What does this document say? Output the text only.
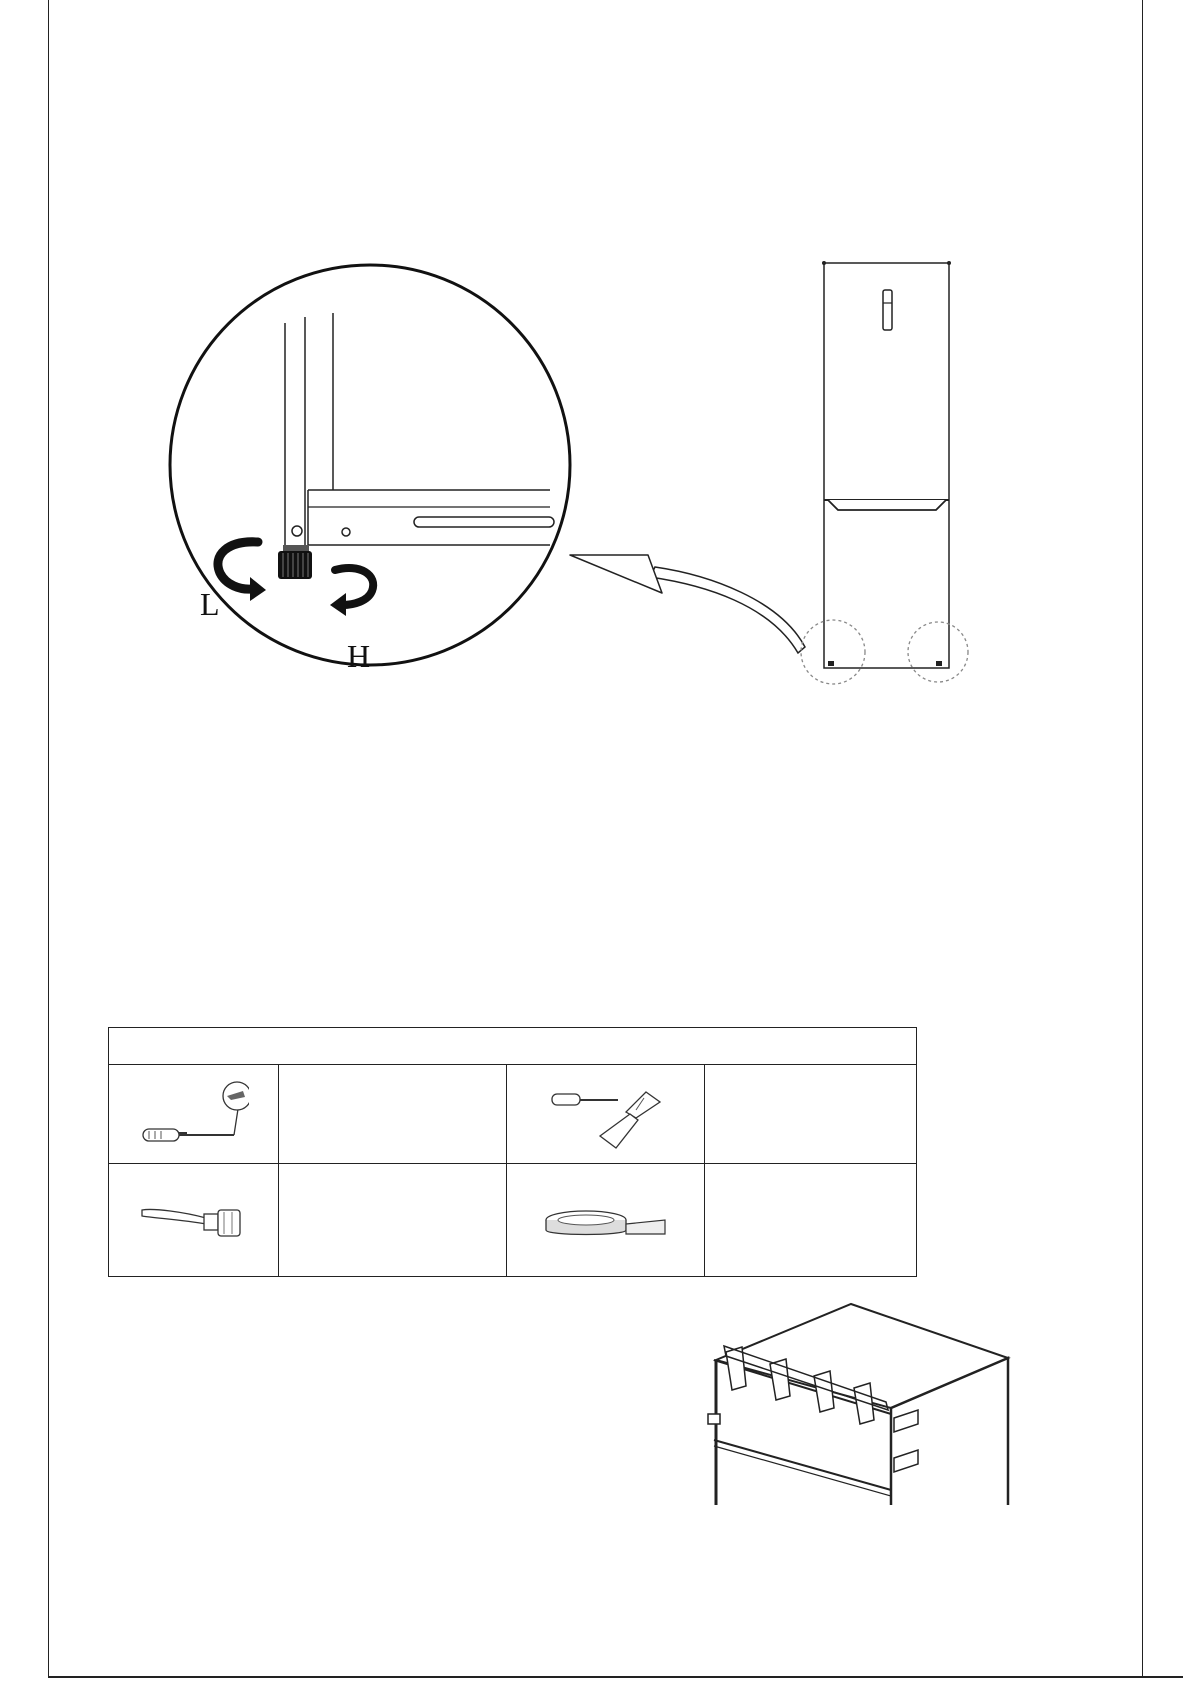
L
H
